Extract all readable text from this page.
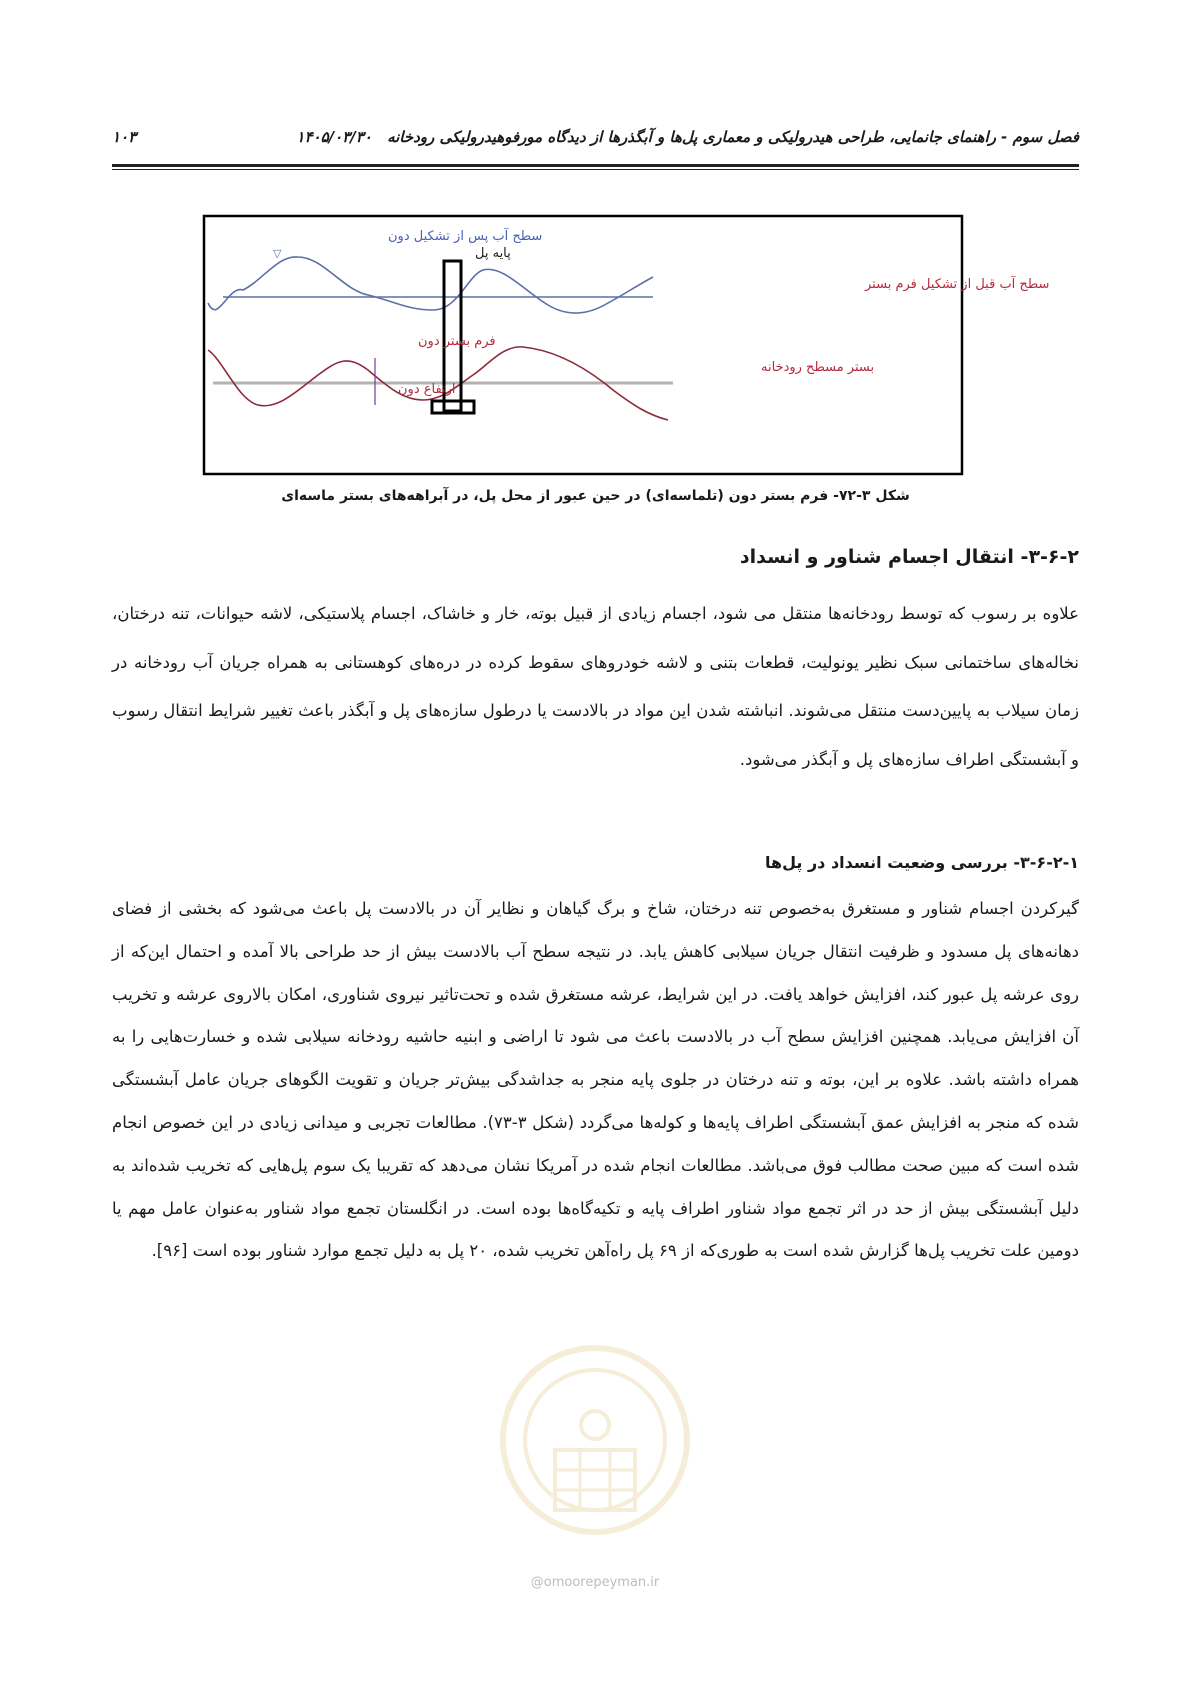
فصل سوم - راهنمای جانمایی، طراحی هیدرولیکی و معماری پل‌ها و آبگذرها از دیدگاه مورفوهیدرولیکی رودخانه ۱۴۰۵/۰۳/۳۰
۱۰۳
▽
سطح آب پس از تشکیل دون
پایه پل
سطح آب قبل از تشکیل فرم بستر
فرم بستر دون
بستر مسطح رودخانه
ارتفاع دون
شکل ۳-۷۲- فرم بستر دون (تلماسه‌ای) در حین عبور از محل پل، در آبراهه‌های بستر ماسه‌ای
۳-۶-۲- انتقال اجسام شناور و انسداد
علاوه بر رسوب که توسط رودخانه‌ها منتقل می شود، اجسام زیادی از قبیل بوته، خار و خاشاک، اجسام پلاستیکی، لاشه حیوانات، تنه درختان، نخاله‌های ساختمانی سبک نظیر یونولیت، قطعات بتنی و لاشه خودروهای سقوط کرده در دره‌های کوهستانی به همراه جریان آب رودخانه در زمان سیلاب به پایین‌دست منتقل می‌شوند. انباشته شدن این مواد در بالادست یا درطول سازه‌های پل و آبگذر باعث تغییر شرایط انتقال رسوب و آبشستگی اطراف سازه‌های پل و آبگذر می‌شود.
۳-۶-۲-۱- بررسی وضعیت انسداد در پل‌ها
گیرکردن اجسام شناور و مستغرق به‌خصوص تنه درختان، شاخ و برگ گیاهان و نظایر آن در بالادست پل باعث می‌شود که بخشی از فضای دهانه‌های پل مسدود و ظرفیت انتقال جریان سیلابی کاهش یابد. در نتیجه سطح آب بالادست بیش از حد طراحی بالا آمده و احتمال این‌که از روی عرشه پل عبور کند، افزایش خواهد یافت. در این شرایط، عرشه مستغرق شده و تحت‌تاثیر نیروی شناوری، امکان بالاروی عرشه و تخریب آن افزایش می‌یابد. همچنین افزایش سطح آب در بالادست باعث می شود تا اراضی و ابنیه حاشیه رودخانه سیلابی شده و خسارت‌هایی را به همراه داشته باشد. علاوه بر این، بوته و تنه درختان در جلوی پایه منجر به جداشدگی بیش‌تر جریان و تقویت الگوهای جریان عامل آبشستگی شده که منجر به افزایش عمق آبشستگی اطراف پایه‌ها و کوله‌ها می‌گردد (شکل ۳-۷۳). مطالعات تجربی و میدانی زیادی در این خصوص انجام شده است که مبین صحت مطالب فوق می‌باشد. مطالعات انجام شده در آمریکا نشان می‌دهد که تقریبا یک سوم پل‌هایی که تخریب شده‌اند به دلیل آبشستگی بیش از حد در اثر تجمع مواد شناور اطراف پایه و تکیه‌گاه‌ها بوده است. در انگلستان تجمع مواد شناور به‌عنوان عامل مهم یا دومین علت تخریب پل‌ها گزارش شده است به طوری‌که از ۶۹ پل راه‌آهن تخریب شده، ۲۰ پل به دلیل تجمع موارد شناور بوده است [۹۶].
@omoorepeyman.ir
